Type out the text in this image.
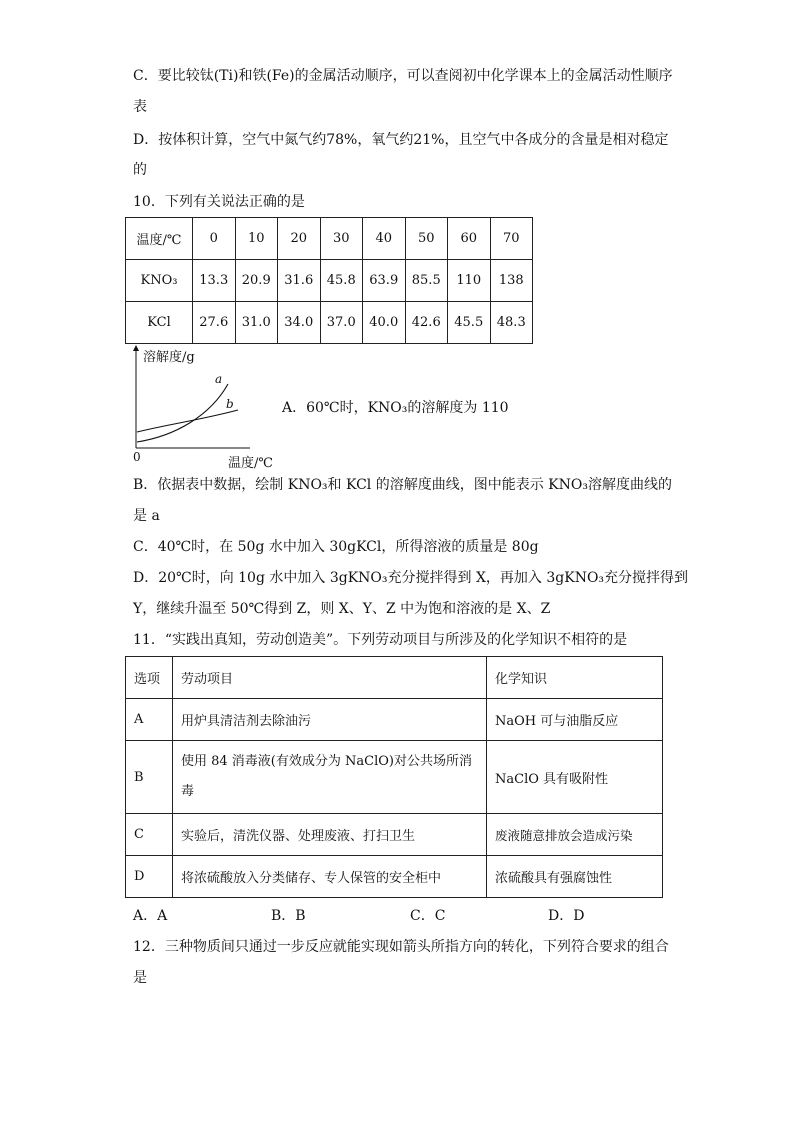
C．要比较钛(Ti)和铁(Fe)的金属活动顺序，可以查阅初中化学课本上的金属活动性顺序
表
D．按体积计算，空气中氮气约78%，氧气约21%，且空气中各成分的含量是相对稳定
的
10．下列有关说法正确的是
温度/℃	0	10	20	30	40	50	60	70
KNO₃	13.3	20.9	31.6	45.8	63.9	85.5	110	138
KCl	27.6	31.0	34.0	37.0	40.0	42.6	45.5	48.3
溶解度/g
a
b
0	温度/℃
A．60℃时，KNO₃的溶解度为 110
B．依据表中数据，绘制 KNO₃和 KCl 的溶解度曲线，图中能表示 KNO₃溶解度曲线的
是 a
C．40℃时，在 50g 水中加入 30gKCl，所得溶液的质量是 80g
D．20℃时，向 10g 水中加入 3gKNO₃充分搅拌得到 X，再加入 3gKNO₃充分搅拌得到
Y，继续升温至 50℃得到 Z，则 X、Y、Z 中为饱和溶液的是 X、Z
11．“实践出真知，劳动创造美”。下列劳动项目与所涉及的化学知识不相符的是
选项	劳动项目	化学知识
A	用炉具清洁剂去除油污	NaOH 可与油脂反应
B	使用 84 消毒液(有效成分为 NaClO)对公共场所消毒	NaClO 具有吸附性
C	实验后，清洗仪器、处理废液、打扫卫生	废液随意排放会造成污染
D	将浓硫酸放入分类储存、专人保管的安全柜中	浓硫酸具有强腐蚀性
A．A	B．B	C．C	D．D
12．三种物质间只通过一步反应就能实现如箭头所指方向的转化，下列符合要求的组合
是
